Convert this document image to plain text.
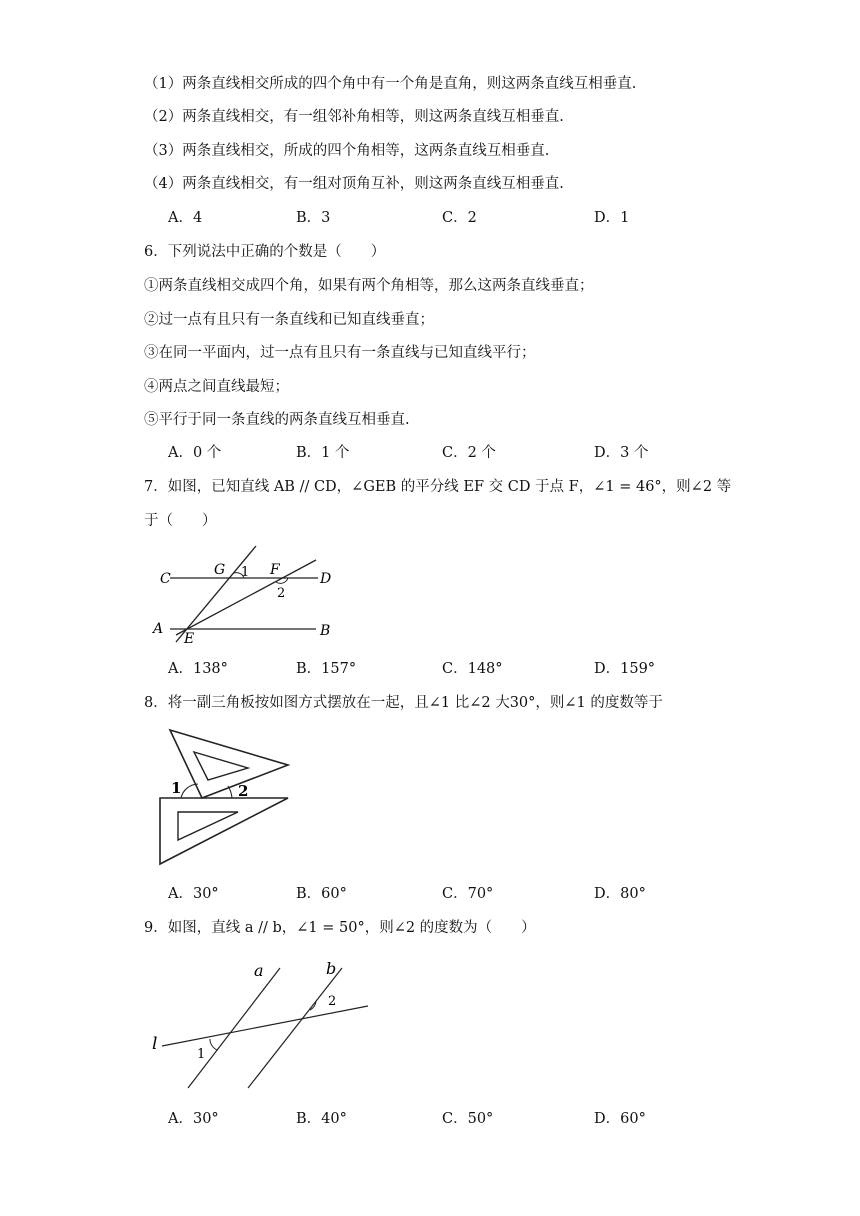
（1）两条直线相交所成的四个角中有一个角是直角，则这两条直线互相垂直.
（2）两条直线相交，有一组邻补角相等，则这两条直线互相垂直.
（3）两条直线相交，所成的四个角相等，这两条直线互相垂直.
（4）两条直线相交，有一组对顶角互补，则这两条直线互相垂直.
A．4	B．3	C．2	D．1
6．下列说法中正确的个数是（　　）
①两条直线相交成四个角，如果有两个角相等，那么这两条直线垂直；
②过一点有且只有一条直线和已知直线垂直；
③在同一平面内，过一点有且只有一条直线与已知直线平行；
④两点之间直线最短；
⑤平行于同一条直线的两条直线互相垂直.
A．0 个	B．1 个	C．2 个	D．3 个
7．如图，已知直线 AB // CD，∠GEB 的平分线 EF 交 CD 于点 F，∠1 = 46°，则∠2 等
于（　　）
C
G 1 F
D
2
A
E	B
A．138°	B．157°	C．148°	D．159°
8．将一副三角板按如图方式摆放在一起，且∠1 比∠2 大30°，则∠1 的度数等于
1	2
A．30°	B．60°	C．70°	D．80°
9．如图，直线 a // b，∠1 = 50°，则∠2 的度数为（　　）
a	b
l
1
2
A．30°	B．40°	C．50°	D．60°
